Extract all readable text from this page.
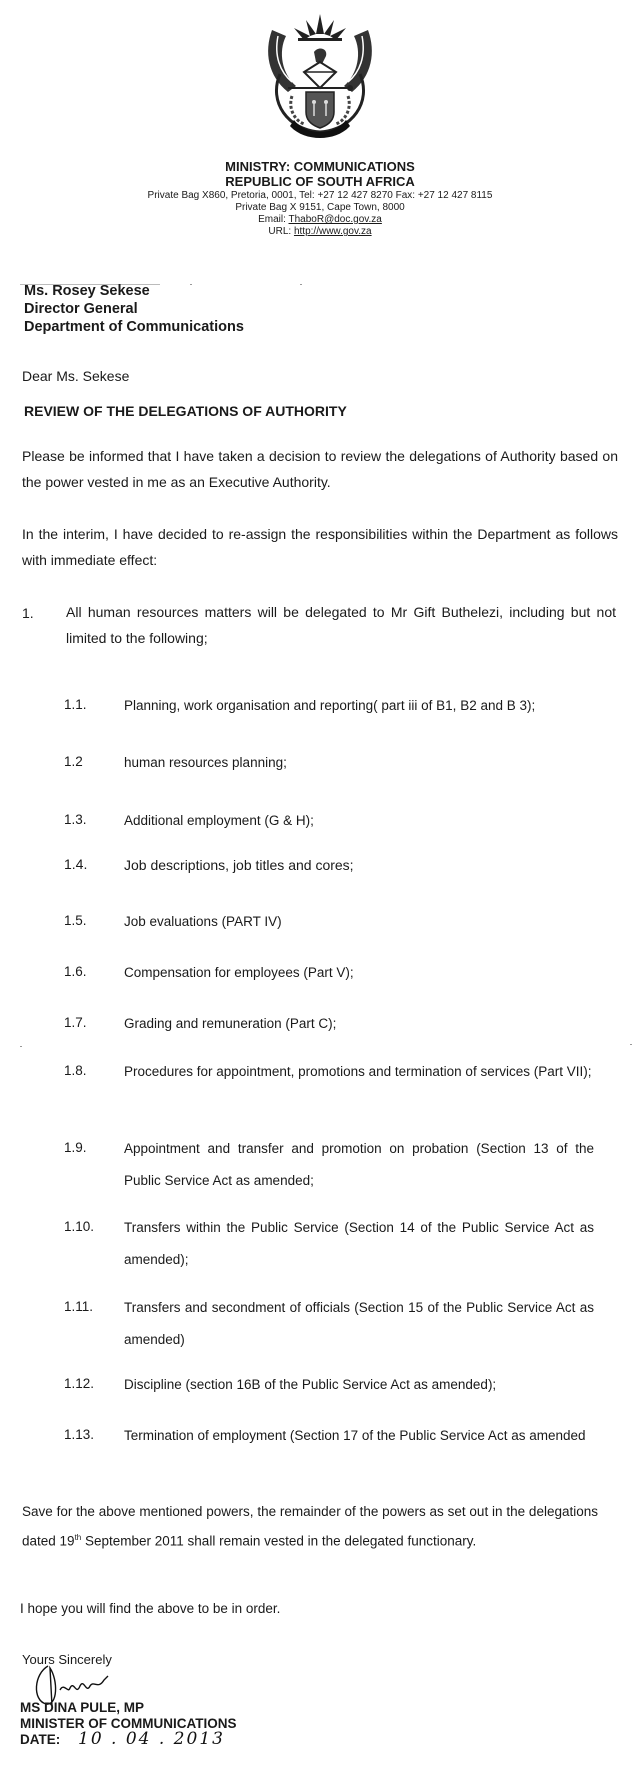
MINISTRY: COMMUNICATIONS
REPUBLIC OF SOUTH AFRICA
Private Bag X860, Pretoria, 0001, Tel: +27 12 427 8270 Fax: +27 12 427 8115
Private Bag X 9151, Cape Town, 8000
Email: ThaboR@doc.gov.za
URL: http://www.gov.za
Ms. Rosey Sekese
Director General
Department of Communications
Dear Ms. Sekese
REVIEW OF THE DELEGATIONS OF AUTHORITY
Please be informed that I have taken a decision to review the delegations of Authority based on the power vested in me as an Executive Authority.
In the interim, I have decided to re-assign the responsibilities within the Department as follows with immediate effect:
1. All human resources matters will be delegated to Mr Gift Buthelezi, including but not limited to the following;
1.1.	Planning, work organisation and reporting( part iii of B1, B2 and B 3);
1.2	human resources planning;
1.3.	Additional employment (G & H);
1.4.	Job descriptions, job titles and cores;
1.5.	Job evaluations (PART IV)
1.6.	Compensation for employees (Part V);
1.7.	Grading and remuneration (Part C);
1.8.	Procedures for appointment, promotions and termination of services (Part VII);
1.9.	Appointment and transfer and promotion on probation (Section 13 of the Public Service Act as amended;
1.10. Transfers within the Public Service (Section 14 of the Public Service Act as amended);
1.11. Transfers and secondment of officials (Section 15 of the Public Service Act as amended)
1.12. Discipline (section 16B of the Public Service Act as amended);
1.13. Termination of employment (Section 17 of the Public Service Act as amended
Save for the above mentioned powers, the remainder of the powers as set out in the delegations dated 19th September 2011 shall remain vested in the delegated functionary.
I hope you will find the above to be in order.
Yours Sincerely
MS DINA PULE, MP
MINISTER OF COMMUNICATIONS
DATE: 10 . 04 . 2013
